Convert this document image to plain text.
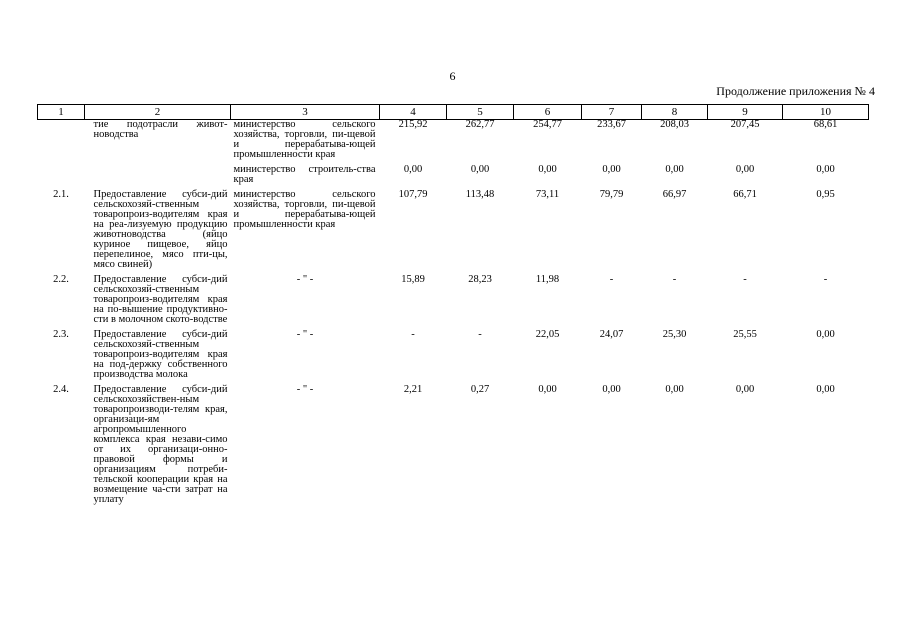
6
Продолжение приложения № 4
1	2	3	4	5	6	7	8	9	10
	тие подотрасли живот-новодства	министерство сельского хозяйства, торговли, пи-щевой и перерабатыва-ющей промышленности края	215,92	262,77	254,77	233,67	208,03	207,45	68,61
		министерство строитель-ства края	0,00	0,00	0,00	0,00	0,00	0,00	0,00
2.1.	Предоставление субси-дий сельскохозяй-ственным товаропроиз-водителям края на реа-лизуемую продукцию животноводства (яйцо куриное пищевое, яйцо перепелиное, мясо пти-цы, мясо свиней)	министерство сельского хозяйства, торговли, пи-щевой и перерабатыва-ющей промышленности края	107,79	113,48	73,11	79,79	66,97	66,71	0,95
2.2.	Предоставление субси-дий сельскохозяй-ственным товаропроиз-водителям края на по-вышение продуктивно-сти в молочном ското-водстве	- " -	15,89	28,23	11,98	-	-	-	-
2.3.	Предоставление субси-дий сельскохозяй-ственным товаропроиз-водителям края на под-держку собственного производства молока	- " -	-	-	22,05	24,07	25,30	25,55	0,00
2.4.	Предоставление субси-дий сельскохозяйствен-ным товаропроизводи-телям края, организаци-ям агропромышленного комплекса края незави-симо от их организаци-онно-правовой формы и организациям потреби-тельской кооперации края на возмещение ча-сти затрат на уплату	- " -	2,21	0,27	0,00	0,00	0,00	0,00	0,00
